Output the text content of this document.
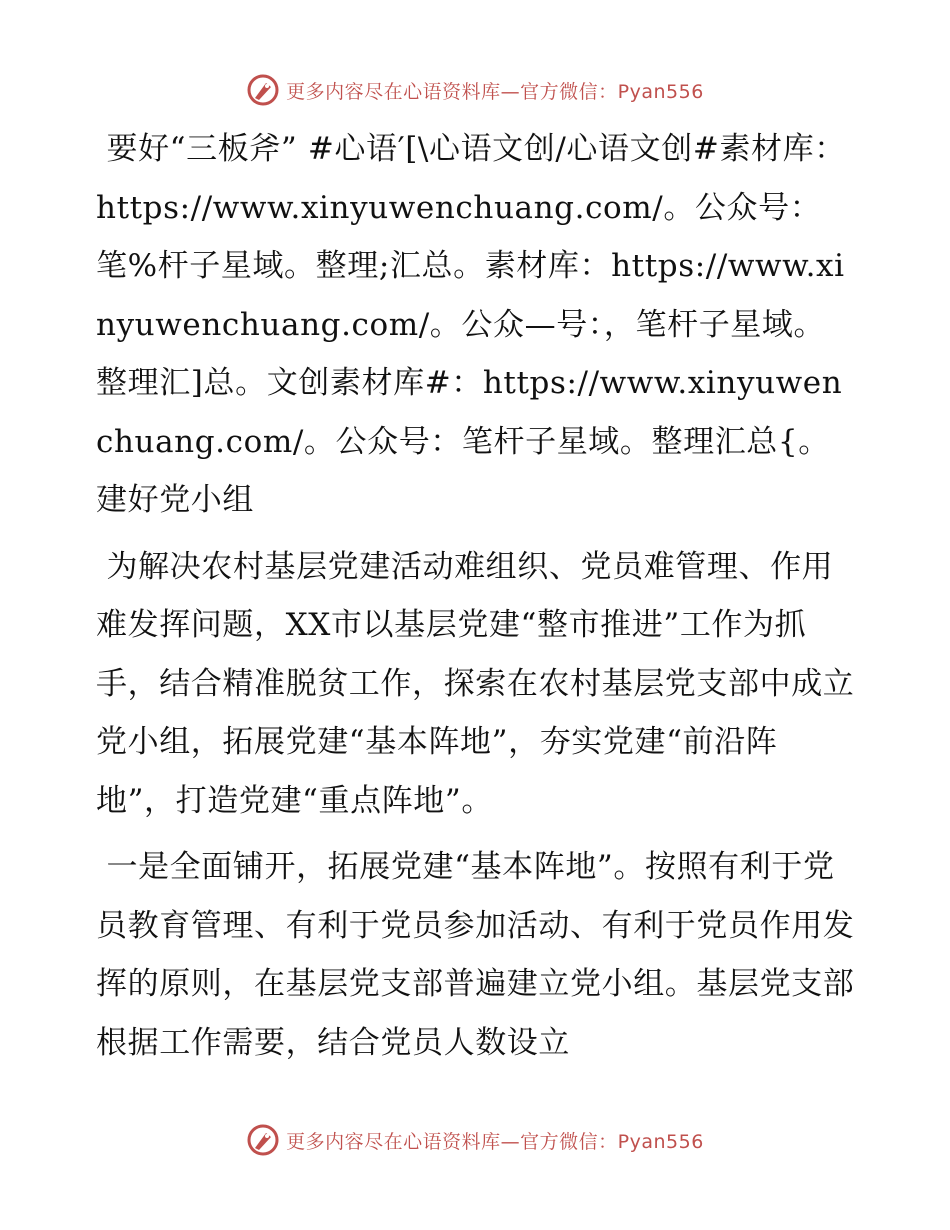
更多内容尽在心语资料库—官方微信：Pyan556

要好“三板斧” #心语′[\心语文创/心语文创#素材库：https://www.xinyuwenchuang.com/。公众号：笔%杆子星域。整理;汇总。素材库：https://www.xinyuwenchuang.com/。公众—号：，笔杆子星域。整理汇]总。文创素材库#：https://www.xinyuwenchuang.com/。公众号：笔杆子星域。整理汇总{。 建好党小组

为解决农村基层党建活动难组织、党员难管理、作用难发挥问题，XX市以基层党建“整市推进”工作为抓手，结合精准脱贫工作，探索在农村基层党支部中成立党小组，拓展党建“基本阵地”，夯实党建“前沿阵地”，打造党建“重点阵地”。

一是全面铺开，拓展党建“基本阵地”。按照有利于党员教育管理、有利于党员参加活动、有利于党员作用发挥的原则，在基层党支部普遍建立党小组。基层党支部根据工作需要，结合党员人数设立

更多内容尽在心语资料库—官方微信：Pyan556
